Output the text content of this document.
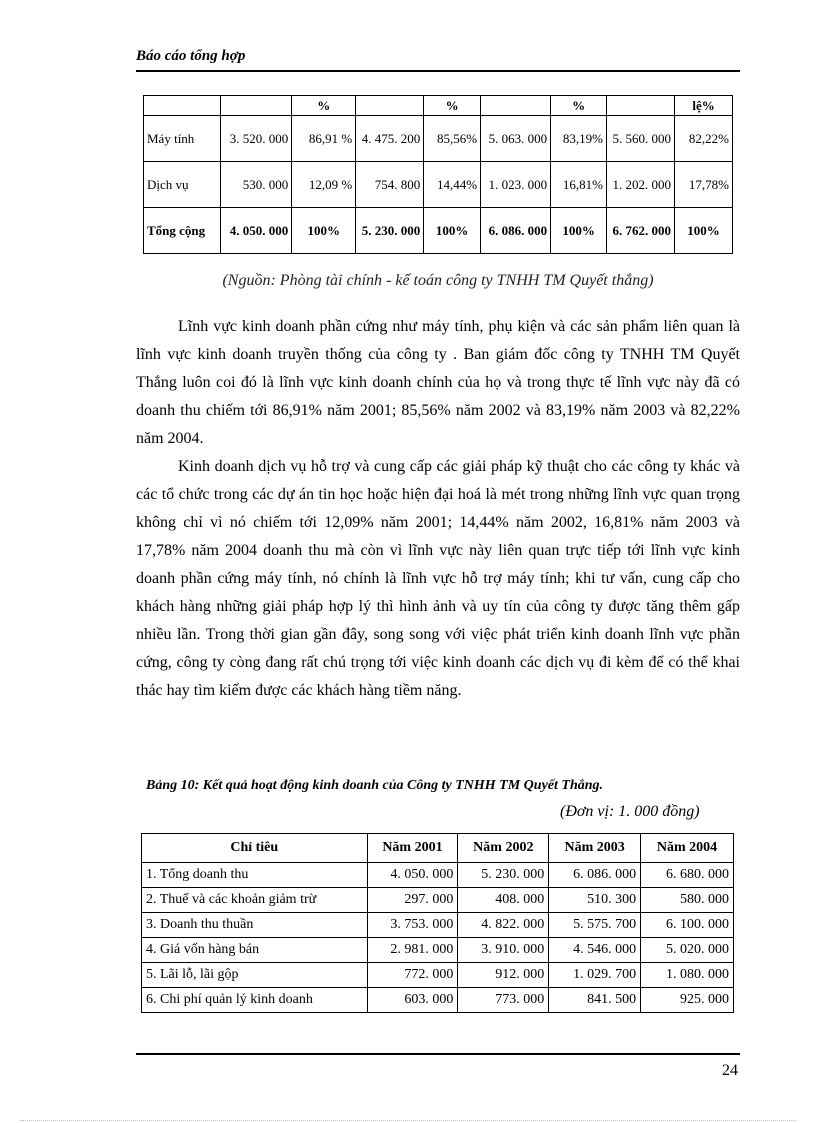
Báo cáo tổng hợp
		%		%		%		lệ%
Máy tính	3. 520. 000	86,91 %	4. 475. 200	85,56%	5. 063. 000	83,19%	5. 560. 000	82,22%
Dịch vụ	530. 000	12,09 %	754. 800	14,44%	1. 023. 000	16,81%	1. 202. 000	17,78%
Tổng cộng	4. 050. 000	100%	5. 230. 000	100%	6. 086. 000	100%	6. 762. 000	100%
(Nguồn: Phòng tài chính - kế toán công ty TNHH TM Quyết thắng)

Lĩnh vực kinh doanh phần cứng như máy tính, phụ kiện và các sản phẩm liên quan là lĩnh vực kinh doanh truyền thống của công ty . Ban giám đốc công ty TNHH TM Quyết Thắng luôn coi đó là lĩnh vực kinh doanh chính của họ và trong thực tế lĩnh vực này đã có doanh thu chiếm tới 86,91% năm 2001; 85,56% năm 2002 và 83,19% năm 2003 và 82,22% năm 2004.

Kinh doanh dịch vụ hỗ trợ và cung cấp các giải pháp kỹ thuật cho các công ty khác và các tổ chức trong các dự án tin học hoặc hiện đại hoá là mét trong những lĩnh vực quan trọng không chỉ vì nó chiếm tới 12,09% năm 2001; 14,44% năm 2002, 16,81% năm 2003 và 17,78% năm 2004 doanh thu mà còn vì lĩnh vực này liên quan trực tiếp tới lĩnh vực kinh doanh phần cứng máy tính, nó chính là lĩnh vực hỗ trợ máy tính; khi tư vấn, cung cấp cho khách hàng những giải pháp hợp lý thì hình ảnh và uy tín của công ty được tăng thêm gấp nhiều lần. Trong thời gian gần đây, song song với việc phát triển kinh doanh lĩnh vực phần cứng, công ty còng đang rất chú trọng tới việc kinh doanh các dịch vụ đi kèm để có thể khai thác hay tìm kiếm được các khách hàng tiềm năng.

Bảng 10: Kết quả hoạt động kinh doanh của Công ty TNHH TM Quyết Thắng.
(Đơn vị: 1. 000 đồng)
Chỉ tiêu	Năm 2001	Năm 2002	Năm 2003	Năm 2004
1. Tổng doanh thu	4. 050. 000	5. 230. 000	6. 086. 000	6. 680. 000
2. Thuế và các khoản giảm trừ	297. 000	408. 000	510. 300	580. 000
3. Doanh thu thuần	3. 753. 000	4. 822. 000	5. 575. 700	6. 100. 000
4. Giá vốn hàng bán	2. 981. 000	3. 910. 000	4. 546. 000	5. 020. 000
5. Lãi lỗ, lãi gộp	772. 000	912. 000	1. 029. 700	1. 080. 000
6. Chi phí quản lý kinh doanh	603. 000	773. 000	841. 500	925. 000
24
